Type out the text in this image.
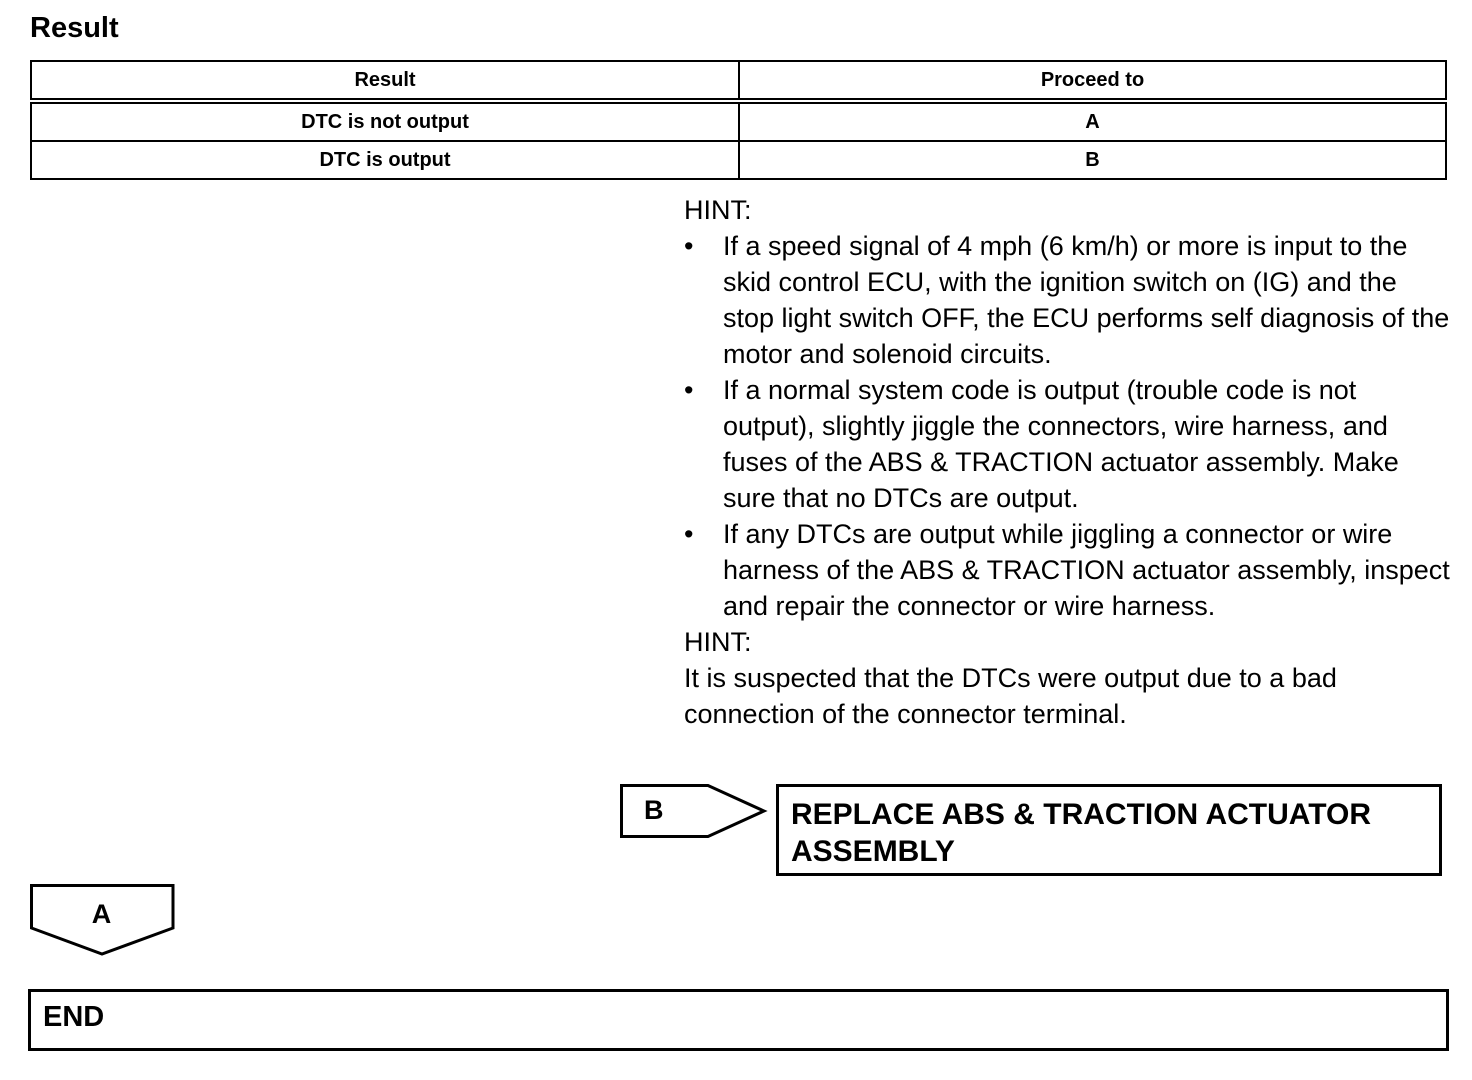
Result
Result	Proceed to
DTC is not output	A
DTC is output	B

HINT:

• If a speed signal of 4 mph (6 km/h) or more is input to the skid control ECU, with the ignition switch on (IG) and the stop light switch OFF, the ECU performs self diagnosis of the motor and solenoid circuits.
• If a normal system code is output (trouble code is not output), slightly jiggle the connectors, wire harness, and fuses of the ABS & TRACTION actuator assembly. Make sure that no DTCs are output.
• If any DTCs are output while jiggling a connector or wire harness of the ABS & TRACTION actuator assembly, inspect and repair the connector or wire harness.

HINT:

It is suspected that the DTCs were output due to a bad connection of the connector terminal.

B	REPLACE ABS & TRACTION ACTUATOR
ASSEMBLY
A
END
